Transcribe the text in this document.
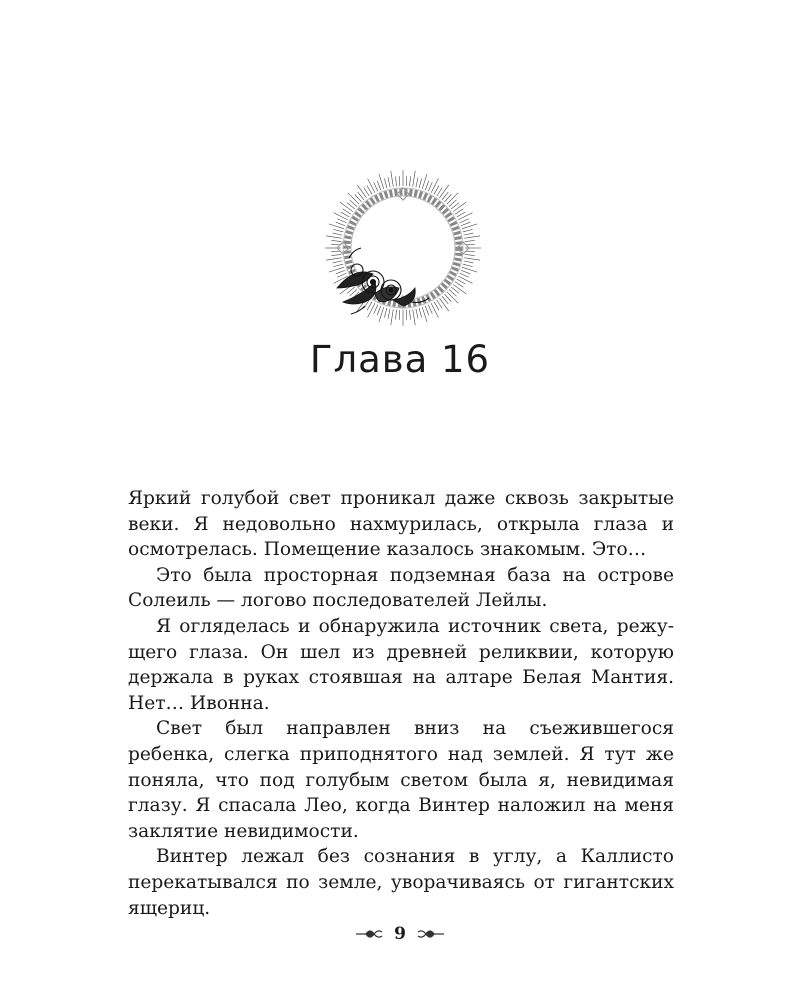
Глава 16

Яркий голубой свет проникал даже сквозь закрытые веки. Я недовольно нахмурилась, открыла глаза и осмотрелась. Помещение казалось знакомым. Это…

Это была просторная подземная база на острове Солеиль — логово последователей Лейлы.

Я огляделась и обнаружила источник света, режущего глаза. Он шел из древней реликвии, которую держала в руках стоявшая на алтаре Белая Мантия. Нет… Ивонна.

Свет был направлен вниз на съежившегося ребенка, слегка приподнятого над землей. Я тут же поняла, что под голубым светом была я, невидимая глазу. Я спасала Лео, когда Винтер наложил на меня заклятие невидимости.

Винтер лежал без сознания в углу, а Каллисто перекатывался по земле, уворачиваясь от гигантских ящериц.

9
